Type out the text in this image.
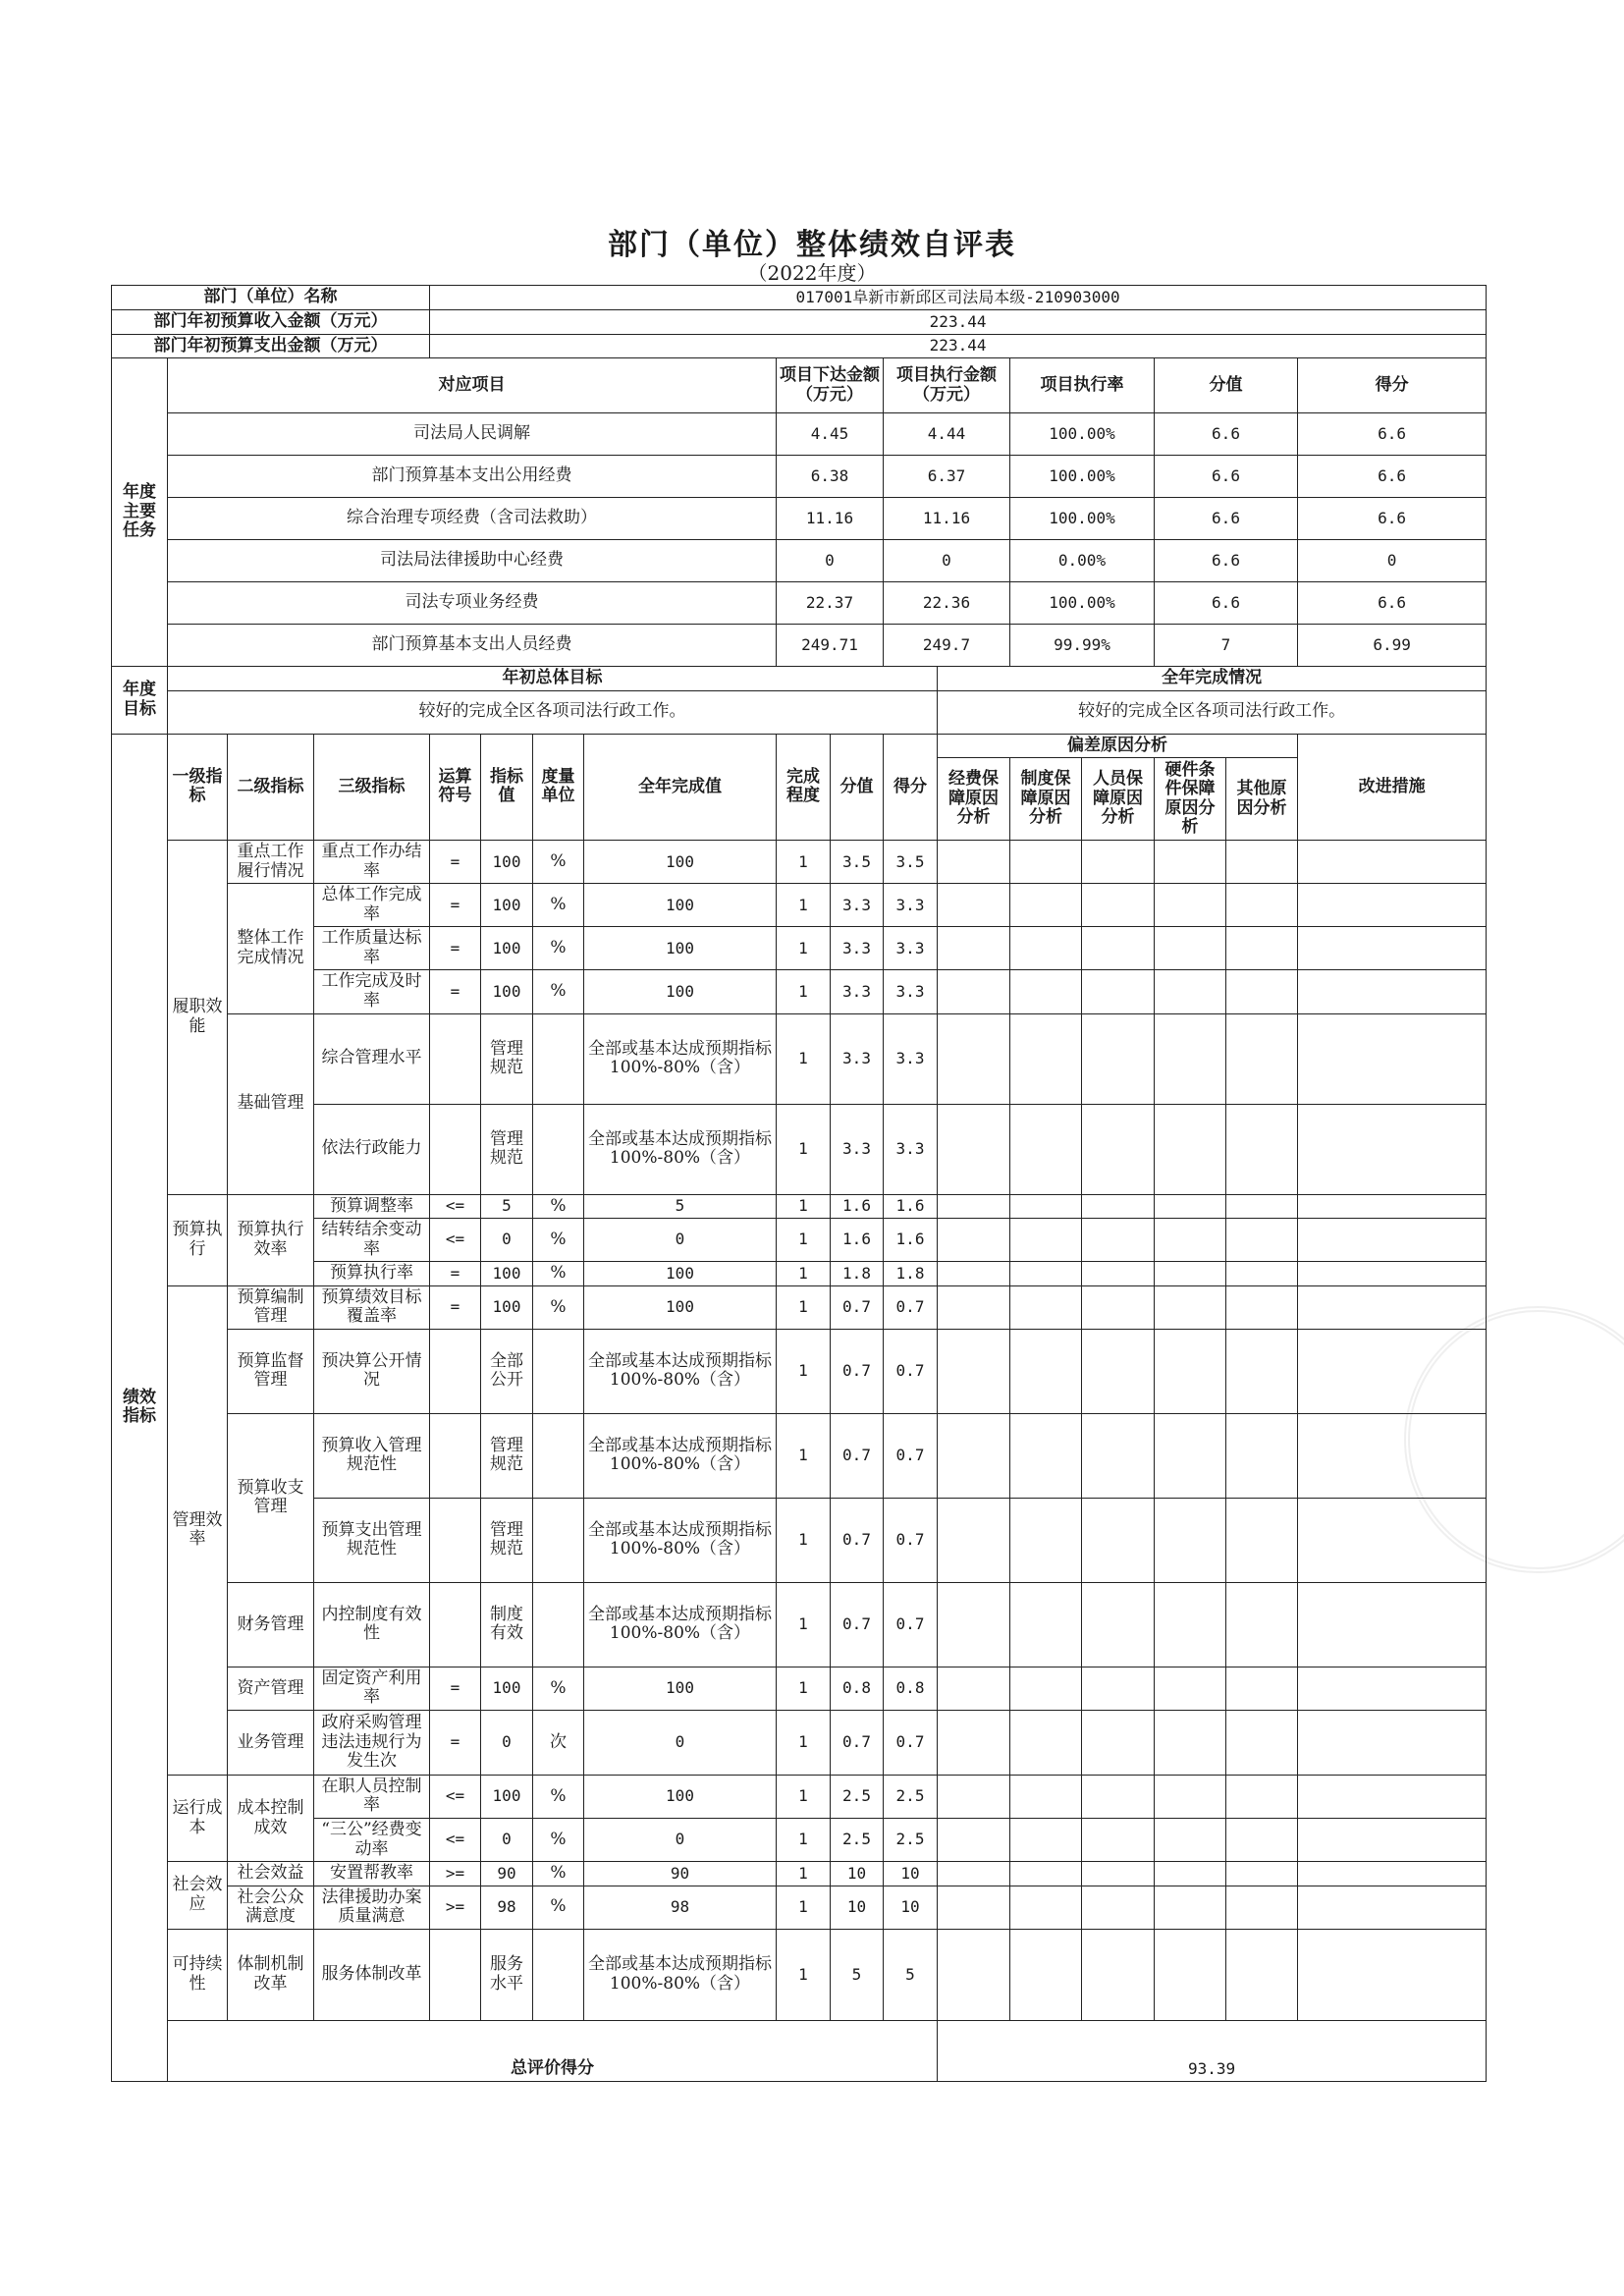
部门（单位）整体绩效自评表
（2022年度）
部门（单位）名称				017001阜新市新邱区司法局本级-210903000												
部门年初预算收入金额（万元）				223.44												
部门年初预算支出金额（万元）				223.44												
年度主要任务	对应项目							项目下达金额（万元）		项目执行金额（万元）		项目执行率		分值		得分
	司法局人民调解							4.45		4.44		100.00%		6.6		6.6
	部门预算基本支出公用经费							6.38		6.37		100.00%		6.6		6.6
	综合治理专项经费（含司法救助）							11.16		11.16		100.00%		6.6		6.6
	司法局法律援助中心经费							0		0		0.00%		6.6		0
	司法专项业务经费							22.37		22.36		100.00%		6.6		6.6
	部门预算基本支出人员经费							249.71		249.7		99.99%		7		6.99
年度目标	年初总体目标										全年完成情况					
	较好的完成全区各项司法行政工作。										较好的完成全区各项司法行政工作。					
绩效指标	一级指标	二级指标	三级指标	运算符号	指标值	度量单位	全年完成值	完成程度	分值	得分	偏差原因分析					改进措施
											经费保障原因分析	制度保障原因分析	人员保障原因分析	硬件条件保障原因分析	其他原因分析	
	履职效能	重点工作履行情况	重点工作办结率	=	100	%	100	1	3.5	3.5						
		整体工作完成情况	总体工作完成率	=	100	%	100	1	3.3	3.3						
			工作质量达标率	=	100	%	100	1	3.3	3.3						
			工作完成及时率	=	100	%	100	1	3.3	3.3						
		基础管理	综合管理水平		管理规范		全部或基本达成预期指标100%-80%（含）	1	3.3	3.3						
			依法行政能力		管理规范		全部或基本达成预期指标100%-80%（含）	1	3.3	3.3						
	预算执行	预算执行效率	预算调整率	<=	5	%	5	1	1.6	1.6						
			结转结余变动率	<=	0	%	0	1	1.6	1.6						
			预算执行率	=	100	%	100	1	1.8	1.8						
	管理效率	预算编制管理	预算绩效目标覆盖率	=	100	%	100	1	0.7	0.7						
		预算监督管理	预决算公开情况		全部公开		全部或基本达成预期指标100%-80%（含）	1	0.7	0.7						
		预算收支管理	预算收入管理规范性		管理规范		全部或基本达成预期指标100%-80%（含）	1	0.7	0.7						
			预算支出管理规范性		管理规范		全部或基本达成预期指标100%-80%（含）	1	0.7	0.7						
		财务管理	内控制度有效性		制度有效		全部或基本达成预期指标100%-80%（含）	1	0.7	0.7						
		资产管理	固定资产利用率	=	100	%	100	1	0.8	0.8						
		业务管理	政府采购管理违法违规行为发生次	=	0	次	0	1	0.7	0.7						
	运行成本	成本控制成效	在职人员控制率	<=	100	%	100	1	2.5	2.5						
			“三公”经费变动率	<=	0	%	0	1	2.5	2.5						
	社会效应	社会效益	安置帮教率	>=	90	%	90	1	10	10						
		社会公众满意度	法律援助办案质量满意	>=	98	%	98	1	10	10						
	可持续性	体制机制改革	服务体制改革		服务水平		全部或基本达成预期指标100%-80%（含）	1	5	5						
	总评价得分										93.39					
